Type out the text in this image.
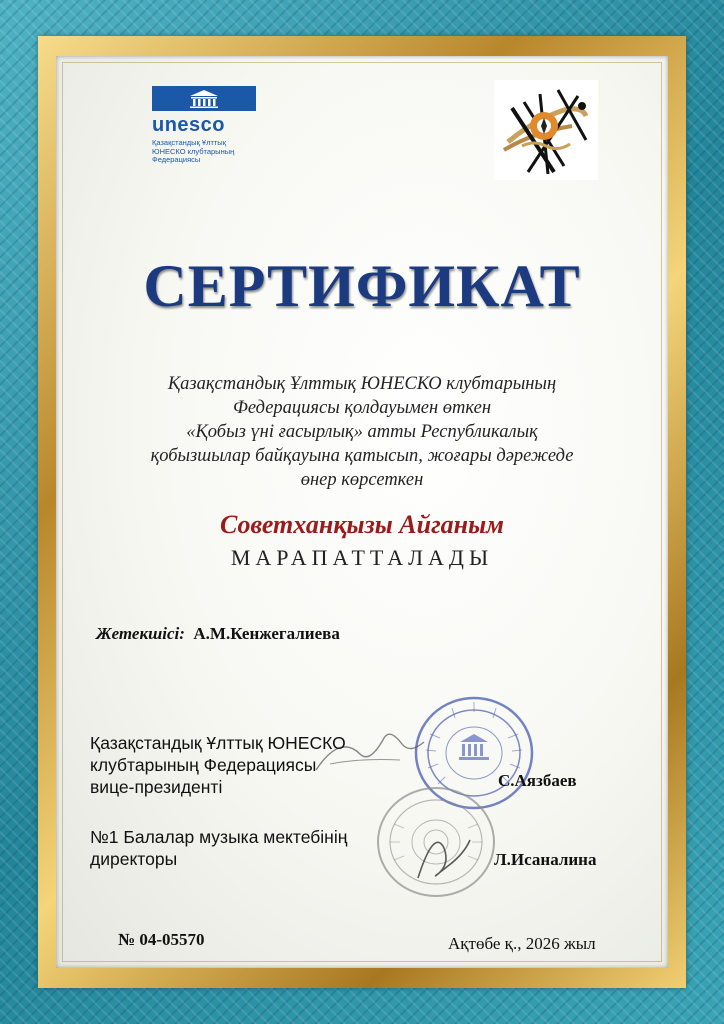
unesco
Қазақстандық Ұлттық
ЮНЕСКО клубтарының
Федерациясы
СЕРТИФИКАТ
Қазақстандық Ұлттық ЮНЕСКО клубтарының
Федерациясы қолдауымен өткен
«Қобыз үні ғасырлық» атты Республикалық
қобызшылар байқауына қатысып, жоғары дәрежеде
өнер көрсеткен
Советханқызы Айганым
МАРАПАТТАЛАДЫ
Жетекшісі: А.М.Кенжегалиева
Қазақстандық Ұлттық ЮНЕСКО
клубтарының Федерациясы
вице-президенті	С.Аязбаев
№1 Балалар музыка мектебінің
директоры	Л.Исаналина
№ 04-05570	Ақтөбе қ., 2026 жыл
